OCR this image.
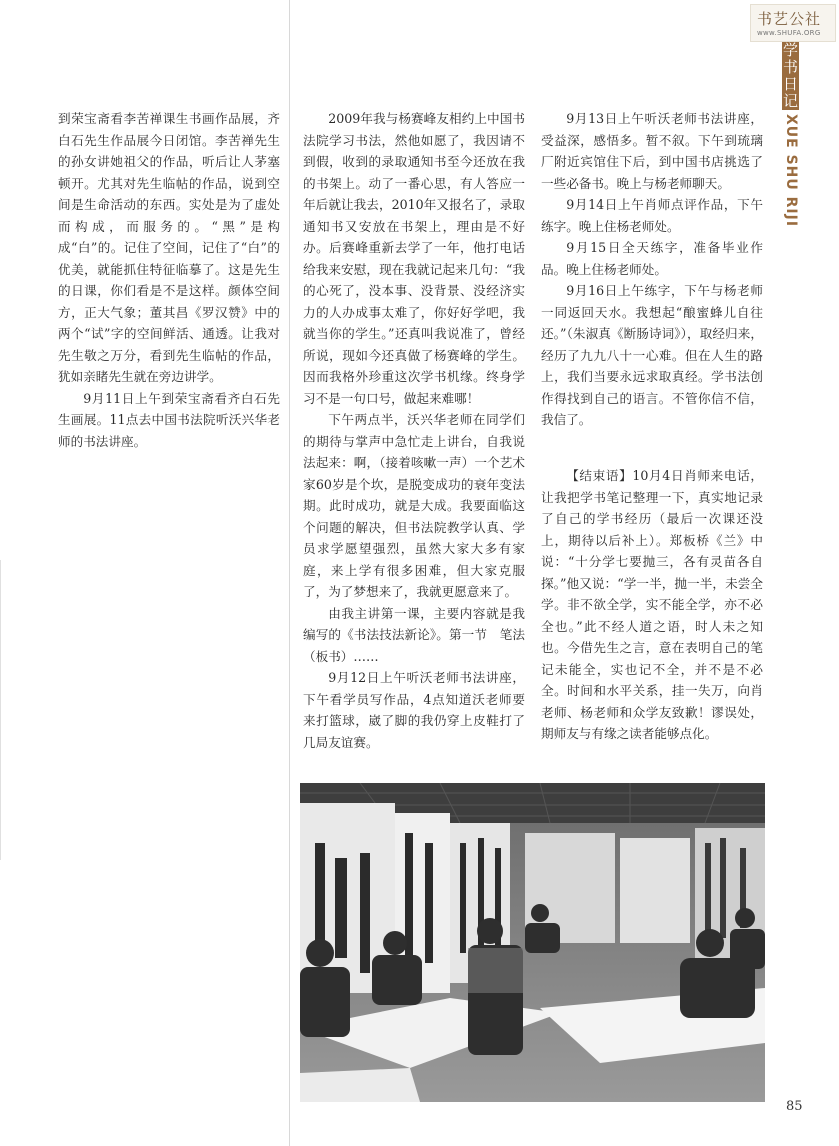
书艺公社
www.SHUFA.ORG
学书日记
XUE SHU RIJI

到荣宝斋看李苦禅课生书画作品展，齐白石先生作品展今日闭馆。李苦禅先生的孙女讲她祖父的作品，听后让人茅塞顿开。尤其对先生临帖的作品，说到空间是生命活动的东西。实处是为了虚处而构成，而服务的。“黑”是构成“白”的。记住了空间，记住了“白”的优美，就能抓住特征临摹了。这是先生的日课，你们看是不是这样。颜体空间方，正大气象；董其昌《罗汉赞》中的两个“试”字的空间鲜活、通透。让我对先生敬之万分，看到先生临帖的作品，犹如亲睹先生就在旁边讲学。

9月11日上午到荣宝斋看齐白石先生画展。11点去中国书法院听沃兴华老师的书法讲座。

2009年我与杨赛峰友相约上中国书法院学习书法，然他如愿了，我因请不到假，收到的录取通知书至今还放在我的书架上。动了一番心思，有人答应一年后就让我去，2010年又报名了，录取通知书又安放在书架上，理由是不好办。后赛峰重新去学了一年，他打电话给我来安慰，现在我就记起来几句：“我的心死了，没本事、没背景、没经济实力的人办成事太难了，你好好学吧，我就当你的学生。”还真叫我说准了，曾经所说，现如今还真做了杨赛峰的学生。因而我格外珍重这次学书机缘。终身学习不是一句口号，做起来难哪！

下午两点半，沃兴华老师在同学们的期待与掌声中急忙走上讲台，自我说法起来：啊，（接着咳嗽一声）一个艺术家60岁是个坎，是脱变成功的衰年变法期。此时成功，就是大成。我要面临这个问题的解决，但书法院教学认真、学员求学愿望强烈，虽然大家大多有家庭，来上学有很多困难，但大家克服了，为了梦想来了，我就更愿意来了。

由我主讲第一课，主要内容就是我编写的《书法技法新论》。第一节　笔法（板书）……

9月12日上午听沃老师书法讲座，下午看学员写作品，4点知道沃老师要来打篮球，崴了脚的我仍穿上皮鞋打了几局友谊赛。

9月13日上午听沃老师书法讲座，受益深，感悟多。暂不叙。下午到琉璃厂附近宾馆住下后，到中国书店挑选了一些必备书。晚上与杨老师聊天。

9月14日上午肖师点评作品，下午练字。晚上住杨老师处。

9月15日全天练字，准备毕业作品。晚上住杨老师处。

9月16日上午练字，下午与杨老师一同返回天水。我想起“酿蜜蜂儿自往还。”（朱淑真《断肠诗词》），取经归来，经历了九九八十一心难。但在人生的路上，我们当要永远求取真经。学书法创作得找到自己的语言。不管你信不信，我信了。

【结束语】10月4日肖师来电话，让我把学书笔记整理一下，真实地记录了自己的学书经历（最后一次课还没上，期待以后补上）。郑板桥《兰》中说：“十分学七要抛三，各有灵苗各自探。”他又说：“学一半，抛一半，未尝全学。非不欲全学，实不能全学，亦不必全也。”此不经人道之语，时人未之知也。今借先生之言，意在表明自己的笔记未能全，实也记不全，并不是不必全。时间和水平关系，挂一失万，向肖老师、杨老师和众学友致歉！谬误处，期师友与有缘之读者能够点化。

85
